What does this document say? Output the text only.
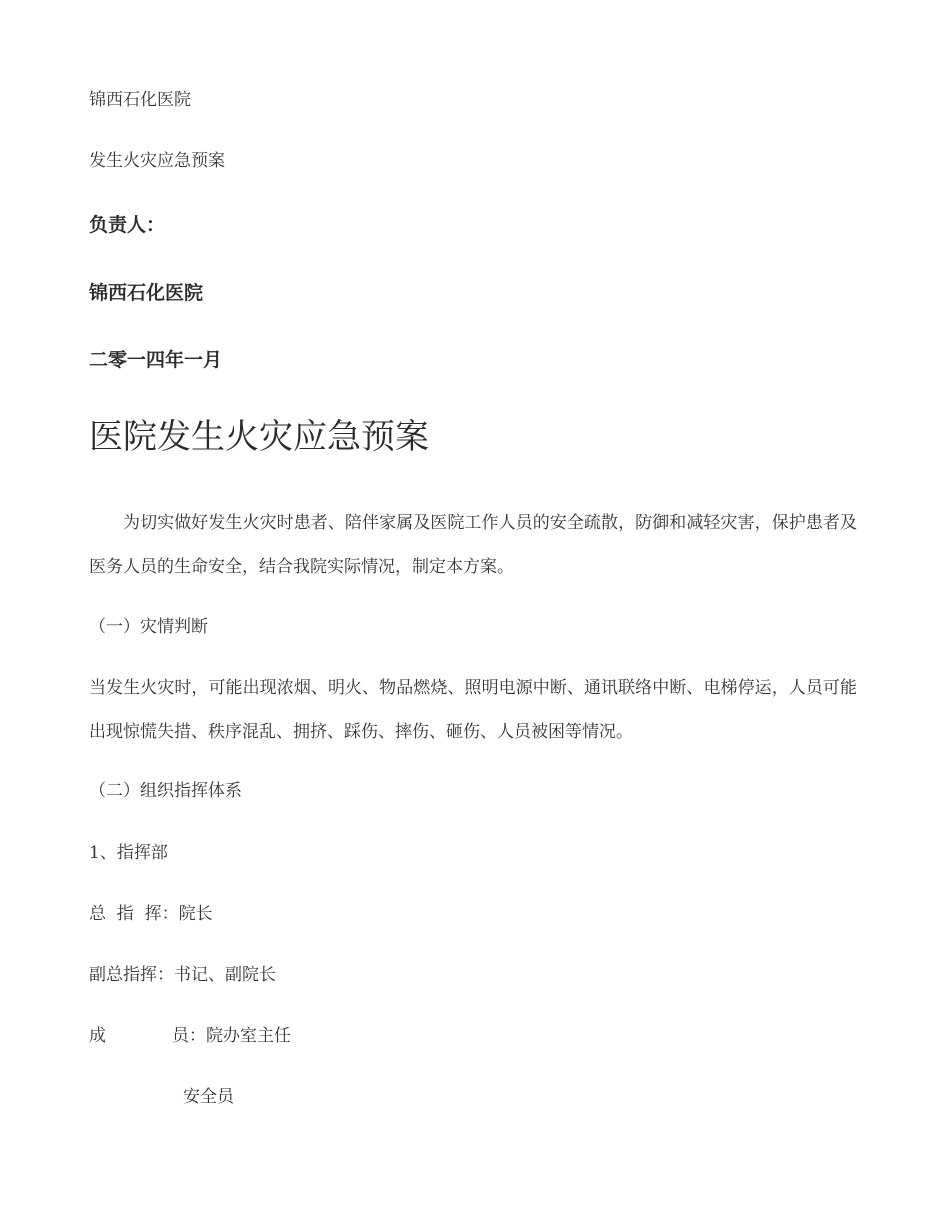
锦西石化医院

发生火灾应急预案

负责人：

锦西石化医院

二零一四年一月

医院发生火灾应急预案

为切实做好发生火灾时患者、陪伴家属及医院工作人员的安全疏散，防御和减轻灾害，保护患者及医务人员的生命安全，结合我院实际情况，制定本方案。

（一）灾情判断

当发生火灾时，可能出现浓烟、明火、物品燃烧、照明电源中断、通讯联络中断、电梯停运，人员可能出现惊慌失措、秩序混乱、拥挤、踩伤、摔伤、砸伤、人员被困等情况。

（二）组织指挥体系

1、指挥部

总  指  挥：院长

副总指挥：书记、副院长

成	员：院办室主任

安全员
